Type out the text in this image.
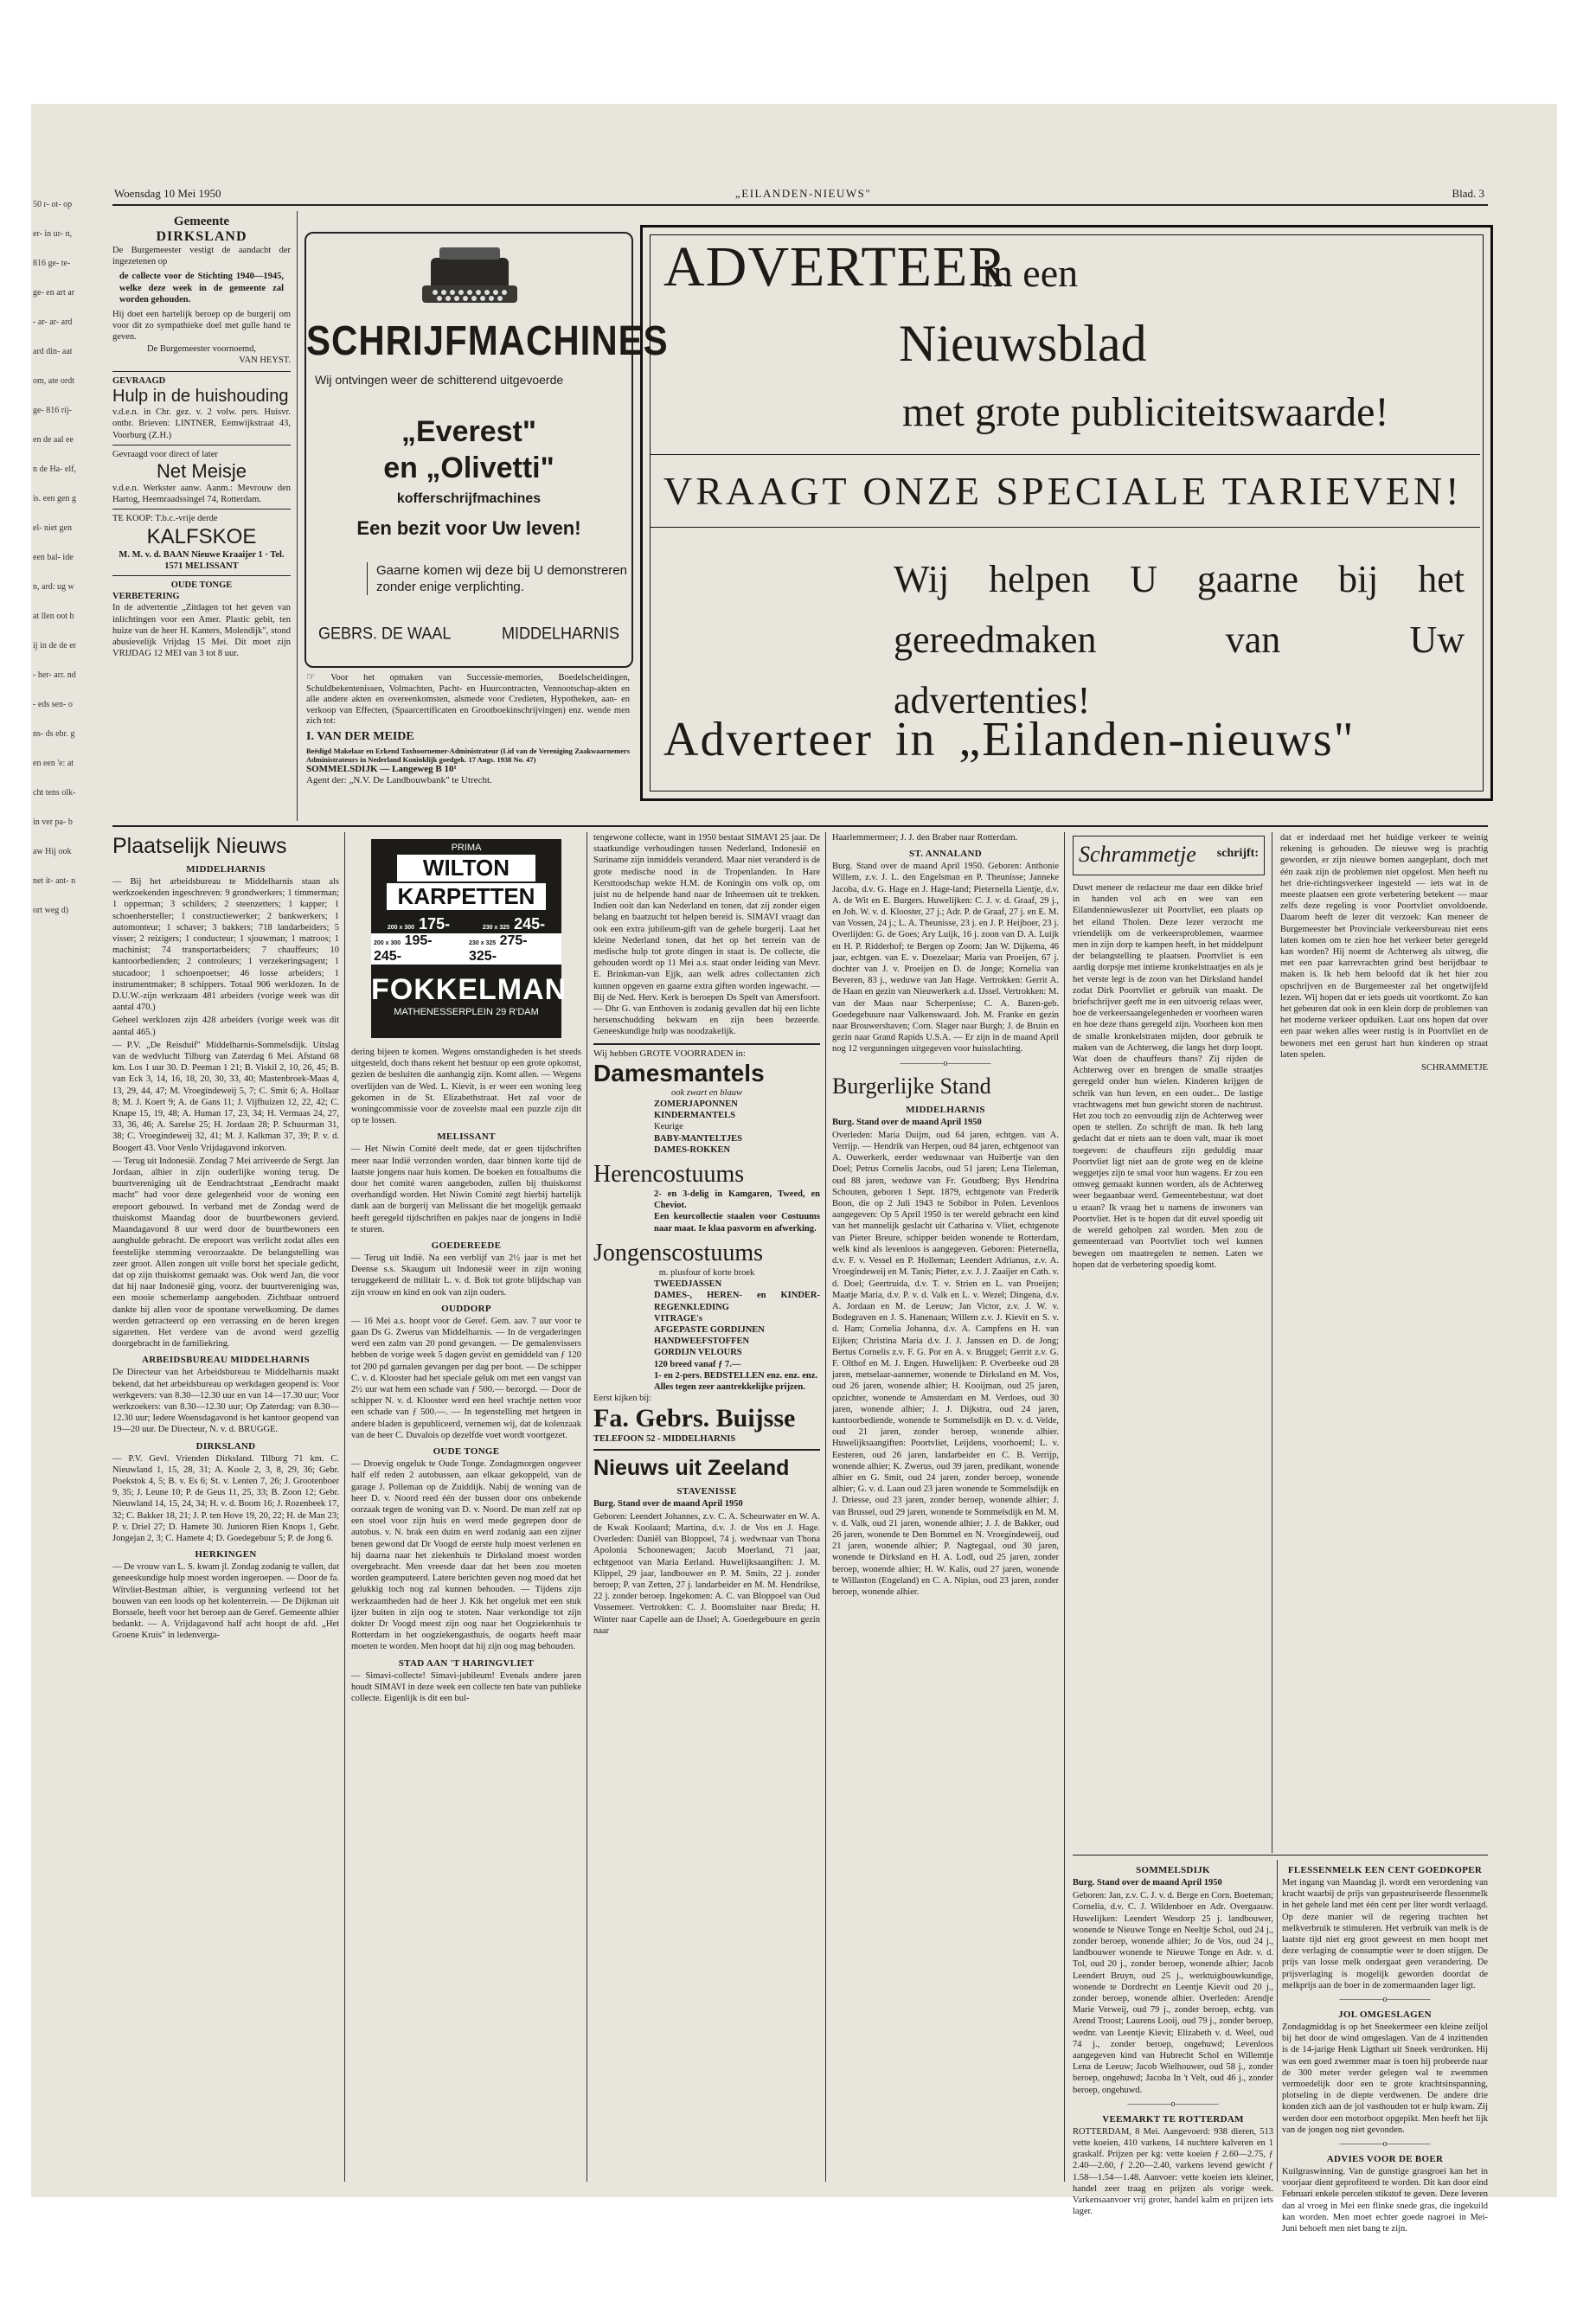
50 r- ot- op er- in ur- n, 816 ge- te- ge- en art ar- ar- ar- ard ard din- aat om, ate ordt ge- 816 rij- en de aal een de Ha- elf, is. een gen gel- niet gen een bal- iden, ard: ug wat llen oot hij in de de er- her- arr. nd- eds sen- ons- ds ebr. gen een 'e: at cht tens olk- in ver pa- baw Hij ook net it- ant- nort weg d)
Woensdag 10 Mei 1950	„EILANDEN-NIEUWS"	Blad. 3
Gemeente
DIRKSLAND

De Burgemeester vestigt de aandacht der ingezetenen op

de collecte voor de Stichting 1940—1945, welke deze week in de gemeente zal worden gehouden.

Hij doet een hartelijk beroep op de burgerij om voor dit zo sympathieke doel met gulle hand te geven.

De Burgemeester voornoemd,

VAN HEYST.

GEVRAAGD

Hulp in de huishouding

v.d.e.n. in Chr. gez. v. 2 volw. pers. Huisvr. ontbr. Brieven: LINTNER, Eemwijkstraat 43, Voorburg (Z.H.)

Gevraagd voor direct of later

Net Meisje

v.d.e.n. Werkster aanw. Aanm.: Mevrouw den Hartog, Heemraadssingel 74, Rotterdam.

TE KOOP: T.b.c.-vrije derde

KALFSKOE

M. M. v. d. BAAN Nieuwe Kraaijer 1 · Tel. 1571 MELISSANT

OUDE TONGE

VERBETERING

In de advertentie „Zitdagen tot het geven van inlichtingen voor een Amer. Plastic gebit, ten huize van de heer H. Kanters, Molendijk", stond abusievelijk Vrijdag 15 Mei. Dit moet zijn VRIJDAG 12 MEI van 3 tot 8 uur.

SCHRIJFMACHINES

Wij ontvingen weer de schitterend uitgevoerde

„Everest"
en „Olivetti"
kofferschrijfmachines
Een bezit voor Uw leven!

Gaarne komen wij deze bij U demonstreren zonder enige verplichting.

GEBRS. DE WAAL	MIDDELHARNIS

☞ Voor het opmaken van Successie-memories, Boedelscheidingen, Schuldbekentenissen, Volmachten, Pacht- en Huurcontracten, Vennootschap-akten en alle andere akten en overeenkomsten, alsmede voor Credieten, Hypotheken, aan- en verkoop van Effecten, (Spaarcertificaten en Grootboekinschrijvingen) enz. wende men zich tot:

I. VAN DER MEIDE

Beëdigd Makelaar en Erkend Taxhoornemer-Administrateur (Lid van de Vereniging Zaakwaarnemers Administrateurs in Nederland Koninklijk goedgek. 17 Augs. 1938 No. 47)

SOMMELSDIJK — Langeweg B 10¹

Agent der: „N.V. De Landbouwbank" te Utrecht.

ADVERTEER
in een
Nieuwsblad
met grote publiciteitswaarde!
VRAAGT ONZE SPECIALE TARIEVEN!
Wij helpen U gaarne bij het gereedmaken van Uw advertenties!
Adverteer in „Eilanden-nieuws"
Plaatselijk Nieuws
MIDDELHARNIS

— Bij het arbeidsbureau te Middelharnis staan als werkzoekenden ingeschreven: 9 grondwerkers; 1 timmerman; 1 opperman; 3 schilders; 2 steenzetters; 1 kapper; 1 schoenhersteller; 1 constructiewerker; 2 bankwerkers; 1 automonteur; 1 schaver; 3 bakkers; 718 landarbeiders; 5 visser; 2 reizigers; 1 conducteur; 1 sjouwman; 1 matroos; 1 machinist; 74 transportarbeiders; 7 chauffeurs; 10 kantoorbedienden; 2 controleurs; 1 verzekeringsagent; 1 stucadoor; 1 schoenpoetser; 46 losse arbeiders; 1 instrumentmaker; 8 schippers. Totaal 906 werklozen. In de D.U.W.-zijn werkzaam 481 arbeiders (vorige week was dit aantal 470.)

Geheel werklozen zijn 428 arbeiders (vorige week was dit aantal 465.)

— P.V. „De Reisduif" Middelharnis-Sommelsdijk. Uitslag van de wedvlucht Tilburg van Zaterdag 6 Mei. Afstand 68 km. Los 1 uur 30. D. Peeman 1 21; B. Viskil 2, 10, 26, 45; B. van Eck 3, 14, 16, 18, 20, 30, 33, 40; Mastenbroek-Maas 4, 13, 29, 44, 47; M. Vroegindeweij 5, 7; C. Smit 6; A. Hollaar 8; M. J. Koert 9; A. de Gans 11; J. Vijfhuizen 12, 22, 42; C. Knape 15, 19, 48; A. Human 17, 23, 34; H. Vermaas 24, 27, 33, 36, 46; A. Sarelse 25; H. Jordaan 28; P. Schuurman 31, 38; C. Vroegindeweij 32, 41; M. J. Kalkman 37, 39; P. v. d. Boogert 43. Voor Venlo Vrijdagavond inkorven.

— Terug uit Indonesië. Zondag 7 Mei arriveerde de Sergt. Jan Jordaan, alhier in zijn ouderlijke woning terug. De buurtvereniging uit de Eendrachtstraat „Eendracht maakt macht" had voor deze gelegenheid voor de woning een erepoort gebouwd. In verband met de Zondag werd de thuiskomst Maandag door de buurtbewoners gevierd. Maandagavond 8 uur werd door de buurtbewoners een aanghulde gebracht. De erepoort was verlicht zodat alles een feestelijke stemming veroorzaakte. De belangstelling was zeer groot. Allen zongen uit volle borst het speciale gedicht, dat op zijn thuiskomst gemaakt was. Ook werd Jan, die voor dat hij naar Indonesië ging, voorz. der buurtvereniging was, een mooie schemerlamp aangeboden. Zichtbaar ontroerd dankte hij allen voor de spontane verwelkoming. De dames werden getracteerd op een verrassing en de heren kregen sigaretten. Het verdere van de avond werd gezellig doorgebracht in de familiekring.

ARBEIDSBUREAU MIDDELHARNIS

De Directeur van het Arbeidsbureau te Middelharnis maakt bekend, dat het arbeidsbureau op werkdagen geopend is: Voor werkgevers: van 8.30—12.30 uur en van 14—17.30 uur; Voor werkzoekers: van 8.30—12.30 uur; Op Zaterdag: van 8.30—12.30 uur; Iedere Woensdagavond is het kantoor geopend van 19—20 uur. De Directeur, N. v. d. BRUGGE.

DIRKSLAND

— P.V. Gevl. Vrienden Dirksland. Tilburg 71 km. C. Nieuwland 1, 15, 28, 31; A. Koole 2, 3, 8, 29, 36; Gebr. Poekstok 4, 5; B. v. Es 6; St. v. Lenten 7, 26; J. Grootenboer 9, 35; J. Leune 10; P. de Geus 11, 25, 33; B. Zoon 12; Gebr. Nieuwland 14, 15, 24, 34; H. v. d. Boom 16; J. Rozenbeek 17, 32; C. Bakker 18, 21; J. P. ten Hove 19, 20, 22; H. de Man 23; P. v. Driel 27; D. Hamete 30. Junioren Rien Knops 1, Gebr. Jongejan 2, 3; C. Hamete 4; D. Goedegebuur 5; P. de Jong 6.

HERKINGEN

— De vrouw van L. S. kwam jl. Zondag zodanig te vallen, dat geneeskundige hulp moest worden ingeroepen. — Door de fa. Witvliet-Bestman alhier, is vergunning verleend tot het bouwen van een loods op het kolenterrein. — De Dijkman uit Borssele, heeft voor het beroep aan de Geref. Gemeente alhier bedankt. — A. Vrijdagavond half acht hoopt de afd. „Het Groene Kruis" in ledenverga-

PRIMA
WILTON
KARPETTEN
200 x 300 175-	230 x 325 245-
200 x 300 195- 245-
230 x 325 275- 325-
FOKKELMAN
MATHENESSERPLEIN 29 R'DAM

dering bijeen te komen. Wegens omstandigheden is het steeds uitgesteld, doch thans rekent het bestuur op een grote opkomst, gezien de besluiten die aanhangig zijn. Komt allen. — Wegens overlijden van de Wed. L. Kievit, is er weer een woning leeg gekomen in de St. Elizabethstraat. Het zal voor de woningcommissie voor de zoveelste maal een puzzle zijn dit op te lossen.

MELISSANT

— Het Niwin Comité deelt mede, dat er geen tijdschriften meer naar Indië verzonden worden, daar binnen korte tijd de laatste jongens naar huis komen. De boeken en fotoalbums die door het comité waren aangeboden, zullen bij thuiskomst overhandigd worden. Het Niwin Comité zegt hierbij hartelijk dank aan de burgerij van Melissant die het mogelijk gemaakt heeft geregeld tijdschriften en pakjes naar de jongens in Indië te sturen.

GOEDEREEDE

— Terug uit Indië. Na een verblijf van 2½ jaar is met het Deense s.s. Skaugum uit Indonesië weer in zijn woning teruggekeerd de militair L. v. d. Bok tot grote blijdschap van zijn vrouw en kind en ook van zijn ouders.

OUDDORP

— 16 Mei a.s. hoopt voor de Geref. Gem. aav. 7 uur voor te gaan Ds G. Zwerus van Middelharnis. — In de vergaderingen werd een zalm van 20 pond gevangen. — De gemalenvissers hebben de vorige week 5 dagen gevist en gemiddeld van ƒ 120 tot 200 pd garnalen gevangen per dag per boot. — De schipper C. v. d. Klooster had het speciale geluk om met een vangst van 2½ uur wat hem een schade van ƒ 500.— bezorgd. — Door de schipper N. v. d. Klooster werd een heel vrachtje netten voor een schade van ƒ 500.—. — In tegenstelling met hetgeen in andere bladen is gepubliceerd, vernemen wij, dat de kolenzaak van de heer C. Duvalois op dezelfde voet wordt voortgezet.

OUDE TONGE

— Droevig ongeluk te Oude Tonge. Zondagmorgen ongeveer half elf reden 2 autobussen, aan elkaar gekoppeld, van de garage J. Polleman op de Zuiddijk. Nabij de woning van de heer D. v. Noord reed één der bussen door ons onbekende oorzaak tegen de woning van D. v. Noord. De man zelf zat op een stoel voor zijn huis en werd mede gegrepen door de autobus. v. N. brak een duim en werd zodanig aan een zijner benen gewond dat Dr Voogd de eerste hulp moest verlenen en hij daarna naar het ziekenhuis te Dirksland moest worden overgebracht. Men vreesde daar dat het been zou moeten worden geamputeerd. Latere berichten geven nog moed dat het gelukkig toch nog zal kunnen behouden. — Tijdens zijn werkzaamheden had de heer J. Kik het ongeluk met een stuk ijzer buiten in zijn oog te stoten. Naar verkondige tot zijn dokter Dr Voogd meest zijn oog naar het Oogziekenhuis te Rotterdam in het oogziekengasthuis, de oogarts heeft maar moeten te worden. Men hoopt dat hij zijn oog mag behouden.

STAD AAN 'T HARINGVLIET

— Simavi-collecte! Simavi-jubileum! Evenals andere jaren houdt SIMAVI in deze week een collecte ten bate van publieke collecte. Eigenlijk is dit een bul-

tengewone collecte, want in 1950 bestaat SIMAVI 25 jaar. De staatkundige verhoudingen tussen Nederland, Indonesië en Suriname zijn inmiddels veranderd. Maar niet veranderd is de grote medische nood in de Tropenlanden. In Hare Kersttoodschap wekte H.M. de Koningin ons volk op, om juist nu de helpende hand naar de Inheemsen uit te trekken. Indien ooit dan kan Nederland en tonen, dat zij zonder eigen belang en baatzucht tot helpen bereid is. SIMAVI vraagt dan ook een extra jubileum-gift van de gehele burgerij. Laat het kleine Nederland tonen, dat het op het terrein van de medische hulp tot grote dingen in staat is. De collecte, die gehouden wordt op 11 Mei a.s. staat onder leiding van Mevr. E. Brinkman-van Ejjk, aan welk adres collectanten zich kunnen opgeven en gaarne extra giften worden ingewacht. — Bij de Ned. Herv. Kerk is beroepen Ds Spelt van Amersfoort. — Dhr G. van Enthoven is zodanig gevallen dat hij een lichte hersenschudding bekwam en zijn been bezeerde. Geneeskundige hulp was noodzakelijk.

Wij hebben GROTE VOORRADEN in:

Damesmantels

ook zwart en blauw

ZOMERJAPONNEN
KINDERMANTELS
Keurige
BABY-MANTELTJES
DAMES-ROKKEN
Herencostuums

2- en 3-delig in Kamgaren, Tweed, en Cheviot.

Een keurcollectie staalen voor Costuums naar maat. Ie klaa pasvorm en afwerking.

Jongenscostuums

m. plusfour of korte broek

TWEEDJASSEN
DAMES-, HEREN- en KINDER-REGENKLEDING
VITRAGE's
AFGEPASTE GORDIJNEN
HANDWEEFSTOFFEN
GORDIJN VELOURS
120 breed vanaf ƒ 7.—
1- en 2-pers. BEDSTELLEN enz. enz. enz.
Alles tegen zeer aantrekkelijke prijzen.

Eerst kijken bij:

Fa. Gebrs. Buijsse

TELEFOON 52 - MIDDELHARNIS

Nieuws uit Zeeland
STAVENISSE

Burg. Stand over de maand April 1950

Geboren: Leendert Johannes, z.v. C. A. Scheurwater en W. A. de Kwak Koolaard; Martina, d.v. J. de Vos en J. Hage. Overleden: Daniël van Bloppoel, 74 j. wedwnaar van Thona Apolonia Schoonewagen; Jacob Moerland, 71 jaar, echtgenoot van Maria Eerland. Huwelijksaangiften: J. M. Klippel, 29 jaar, landbouwer en P. M. Smits, 22 j. zonder beroep; P. van Zetten, 27 j. landarbeider en M. M. Hendrikse, 22 j. zonder beroep. Ingekomen: A. C. van Bloppoel van Oud Vossemeer. Vertrokken: C. J. Boomsluiter naar Breda; H. Winter naar Capelle aan de IJssel; A. Goedegebuure en gezin naar

Haarlemmermeer; J. J. den Braber naar Rotterdam.

ST. ANNALAND

Burg. Stand over de maand April 1950. Geboren: Anthonie Willem, z.v. J. L. den Engelsman en P. Theunisse; Janneke Jacoba, d.v. G. Hage en J. Hage-land; Pieternella Lientje, d.v. A. de Wit en E. Burgers. Huwelijken: C. J. v. d. Graaf, 29 j., en Joh. W. v. d. Klooster, 27 j.; Adr. P. de Graaf, 27 j. en E. M. van Vossen, 24 j.; L. A. Theunisse, 23 j. en J. P. Heijboer, 23 j. Overlijden: G. de Goes; Ary Luijk, 16 j. zoon van D. A. Luijk en H. P. Ridderhof; te Bergen op Zoom: Jan W. Dijkema, 46 jaar, echtgen. van E. v. Doezelaar; Maria van Proeijen, 67 j. dochter van J. v. Proeijen en D. de Jonge; Kornelia van Beveren, 83 j., weduwe van Jan Hage. Vertrokken: Gerrit A. de Haan en gezin van Nieuwerkerk a.d. IJssel. Vertrokken: M. van der Maas naar Scherpenisse; C. A. Bazen-geb. Goedegebuure naar Valkenswaard. Joh. M. Franke en gezin naar Brouwershaven; Corn. Slager naar Burgh; J. de Bruin en gezin naar Grand Rapids U.S.A. — Er zijn in de maand April nog 12 vergunningen uitgegeven voor huisslachting.

—————o—————
Burgerlijke Stand
MIDDELHARNIS

Burg. Stand over de maand April 1950

Overleden: Maria Duijm, oud 64 jaren, echtgen. van A. Verrijp. — Hendrik van Herpen, oud 84 jaren, echtgenoot van A. Ouwerkerk, eerder weduwnaar van Huibertje van den Doel; Petrus Cornelis Jacobs, oud 51 jaren; Lena Tieleman, oud 88 jaren, weduwe van Fr. Goudberg; Bys Hendrina Schouten, geboren 1 Sept. 1879, echtgenote van Frederik Boon, die op 2 Juli 1943 te Sobibor in Polen. Levenloos aangegeven: Op 5 April 1950 is ter wereld gebracht een kind van het mannelijk geslacht uit Catharina v. Vliet, echtgenote van Pieter Breure, schipper beiden wonende te Rotterdam, welk kind als levenloos is aangegeven. Geboren: Pieternella, d.v. F. v. Vessel en P. Holleman; Leendert Adrianus, z.v. A. Vroegindeweij en M. Tanis; Pieter, z.v. J. J. Zaaijer en Cath. v. d. Doel; Geertruida, d.v. T. v. Strien en L. van Proeijen; Maatje Maria, d.v. P. v. d. Valk en L. v. Wezel; Dingena, d.v. A. Jordaan en M. de Leeuw; Jan Victor, z.v. J. W. v. Bodegraven en J. S. Hanenaan; Willem z.v. J. Kievit en S. v. d. Ham; Cornelia Johanna, d.v. A. Campfens en H. van Eijken; Christina Maria d.v. J. J. Janssen en D. de Jong; Bertus Cornelis z.v. F. G. Por en A. v. Bruggel; Gerrit z.v. G. F. Olthof en M. J. Engen. Huwelijken: P. Overbeeke oud 28 jaren, metselaar-aannemer, wonende te Dirksland en M. Vos, oud 26 jaren, wonende alhier; H. Kooijman, oud 25 jaren, opzichter, wonende te Amsterdam en M. Verdoes, oud 30 jaren, wonende alhier; J. J. Dijkstra, oud 24 jaren, kantoorbediende, wonende te Sommelsdijk en D. v. d. Velde, oud 21 jaren, zonder beroep, wonende alhier. Huwelijksaangiften: Poortvliet, Leijdens, voorhoeml; L. v. Eesteren, oud 26 jaren, landarbeider en C. B. Verrijp, wonende alhier; K. Zwerus, oud 39 jaren, predikant, wonende alhier en G. Smit, oud 24 jaren, zonder beroep, wonende alhier; G. v. d. Laan oud 23 jaren wonende te Sommelsdijk en J. Driesse, oud 23 jaren, zonder beroep, wonende alhier; J. van Brussel, oud 29 jaren, wonende te Sommelsdijk en M. M. v. d. Valk, oud 21 jaren, wonende alhier; J. J. de Bakker, oud 26 jaren, wonende te Den Bommel en N. Vroegindeweij, oud 21 jaren, wonende alhier; P. Nagtegaal, oud 30 jaren, wonende te Dirksland en H. A. Lodl, oud 25 jaren, zonder beroep, wonende alhier; H. W. Kalis, oud 27 jaren, wonende te Willaston (Engeland) en C. A. Nipius, oud 23 jaren, zonder beroep, wonende alhier.

Schrammetje schrijft:

Duwt meneer de redacteur me daar een dikke brief in handen vol ach en wee van een Eilandenniewuslezer uit Poortvliet, een plaats op het eiland Tholen. Deze lezer verzocht me vriendelijk om de verkeersproblemen, waarmee men in zijn dorp te kampen heeft, in het middelpunt der belangstelling te plaatsen. Poortvliet is een aardig dorpsje met intieme kronkelstraatjes en als je het verste legt is de zoon van het Dirksland handel zodat Dirk Poortvliet er gebruik van maakt. De briefschrijver geeft me in een uitvoerig relaas weer, hoe de verkeersaangelegenheden er voorheen waren en hoe deze thans geregeld zijn. Voorheen kon men de smalle kronkelstraten mijden, door gebruik te maken van de Achterweg, die langs het dorp loopt. Wat doen de chauffeurs thans? Zij rijden de Achterweg over en brengen de smalle straatjes geregeld onder hun wielen. Kinderen krijgen de schrik van hun leven, en een ouder... De lastige vrachtwagens met hun gewicht storen de nachtrust. Het zou toch zo eenvoudig zijn de Achterweg weer open te stellen. Zo schrijft de man. Ik heb lang gedacht dat er niets aan te doen valt, maar ik moet toegeven: de chauffeurs zijn geduldig maar Poortvliet ligt niet aan de grote weg en de kleine weggetjes zijn te smal voor hun wagens. Er zou een omweg gemaakt kunnen worden, als de Achterweg weer begaanbaar werd. Gemeentebestuur, wat doet u eraan? Ik vraag het u namens de inwoners van Poortvliet. Het is te hopen dat dit euvel spoedig uit de wereld geholpen zal worden. Men zou de gemeenteraad van Poortvliet toch wel kunnen bewegen om maatregelen te nemen. Laten we hopen dat de verbetering spoedig komt.

dat er inderdaad met het huidige verkeer te weinig rekening is gehouden. De nieuwe weg is prachtig geworden, er zijn nieuwe bomen aangeplant, doch met één zaak zijn de problemen niet opgelost. Men heeft nu het drie-richtingsverkeer ingesteld — iets wat in de meeste plaatsen een grote verbetering betekent — maar zelfs deze regeling is voor Poortvliet onvoldoende. Daarom heeft de lezer dit verzoek: Kan meneer de Burgemeester het Provinciale verkeersbureau niet eens laten komen om te zien hoe het verkeer beter geregeld kan worden? Hij noemt de Achterweg als uitweg, die met een paar karrevrachten grind best berijdbaar te maken is. Ik heb hem beloofd dat ik het hier zou opschrijven en de Burgemeester zal het ongetwijfeld lezen. Wij hopen dat er iets goeds uit voortkomt. Zo kan het gebeuren dat ook in een klein dorp de problemen van het moderne verkeer opduiken. Laat ons hopen dat over een paar weken alles weer rustig is in Poortvliet en de bewoners met een gerust hart hun kinderen op straat laten spelen.

SCHRAMMETJE

SOMMELSDIJK

Burg. Stand over de maand April 1950

Geboren: Jan, z.v. C. J. v. d. Berge en Corn. Boeteman; Cornelia, d.v. C. J. Wildenboer en Adr. Overgaauw. Huwelijken: Leendert Wesdorp 25 j. landbouwer, wonende te Nieuwe Tonge en Neeltje Schol, oud 24 j., zonder beroep, wonende alhier; Jo de Vos, oud 24 j., landbouwer wonende te Nieuwe Tonge en Adr. v. d. Tol, oud 20 j., zonder beroep, wonende alhier; Jacob Leendert Bruyn, oud 25 j., werktuigbouwkundige, wonende te Dordrecht en Leentje Kievit oud 20 j., zonder beroep, wonende alhier. Overleden: Arendje Marie Verweij, oud 79 j., zonder beroep, echtg. van Arend Troost; Laurens Looij, oud 79 j., zonder beroep, wednr. van Leentje Kievit; Elizabeth v. d. Weel, oud 74 j., zonder beroep, ongehuwd; Levenloos aangegeven kind van Hubrecht Schol en Willemtje Lena de Leeuw; Jacob Wielhouwer, oud 58 j., zonder beroep, ongehuwd; Jacoba In 't Velt, oud 46 j., zonder beroep, ongehuwd.

—————o—————
VEEMARKT TE ROTTERDAM

ROTTERDAM, 8 Mei. Aangevoerd: 938 dieren, 513 vette koeien, 410 varkens, 14 nuchtere kalveren en 1 graskalf. Prijzen per kg: vette koeien ƒ 2.60—2.75, ƒ 2.40—2.60, ƒ 2.20—2.40, varkens levend gewicht ƒ 1.58—1.54—1.48. Aanvoer: vette koeien iets kleiner, handel zeer traag en prijzen als vorige week. Varkensaanvoer vrij groter, handel kalm en prijzen iets lager.

FLESSENMELK EEN CENT GOEDKOPER

Met ingang van Maandag jl. wordt een verordening van kracht waarbij de prijs van gepasteuriseerde flessenmelk in het gehele land met één cent per liter wordt verlaagd. Op deze manier wil de regering trachten het melkverbruik te stimuleren. Het verbruik van melk is de laatste tijd niet erg groot geweest en men hoopt met deze verlaging de consumptie weer te doen stijgen. De prijs van losse melk ondergaat geen verandering. De prijsverlaging is mogelijk geworden doordat de melkprijs aan de boer in de zomermaanden lager ligt.

—————o—————
JOL OMGESLAGEN

Zondagmiddag is op het Sneekermeer een kleine zeiljol bij het door de wind omgeslagen. Van de 4 inzittenden is de 14-jarige Henk Ligthart uit Sneek verdronken. Hij was een goed zwemmer maar is toen hij probeerde naar de 300 meter verder gelegen wal te zwemmen vermoedelijk door een te grote krachtsinspanning, plotseling in de diepte verdwenen. De andere drie konden zich aan de jol vasthouden tot er hulp kwam. Zij werden door een motorboot opgepikt. Men heeft het lijk van de jongen nog niet gevonden.

—————o—————
ADVIES VOOR DE BOER

Kuilgraswinning. Van de gunstige grasgroei kan het in voorjaar dient geprofiteerd te worden. Dit kan door eind Februari enkele percelen stikstof te geven. Deze leveren dan al vroeg in Mei een flinke snede gras, die ingekuild kan worden. Men moet echter goede nagroei in Mei-Juni behoeft men niet bang te zijn.
